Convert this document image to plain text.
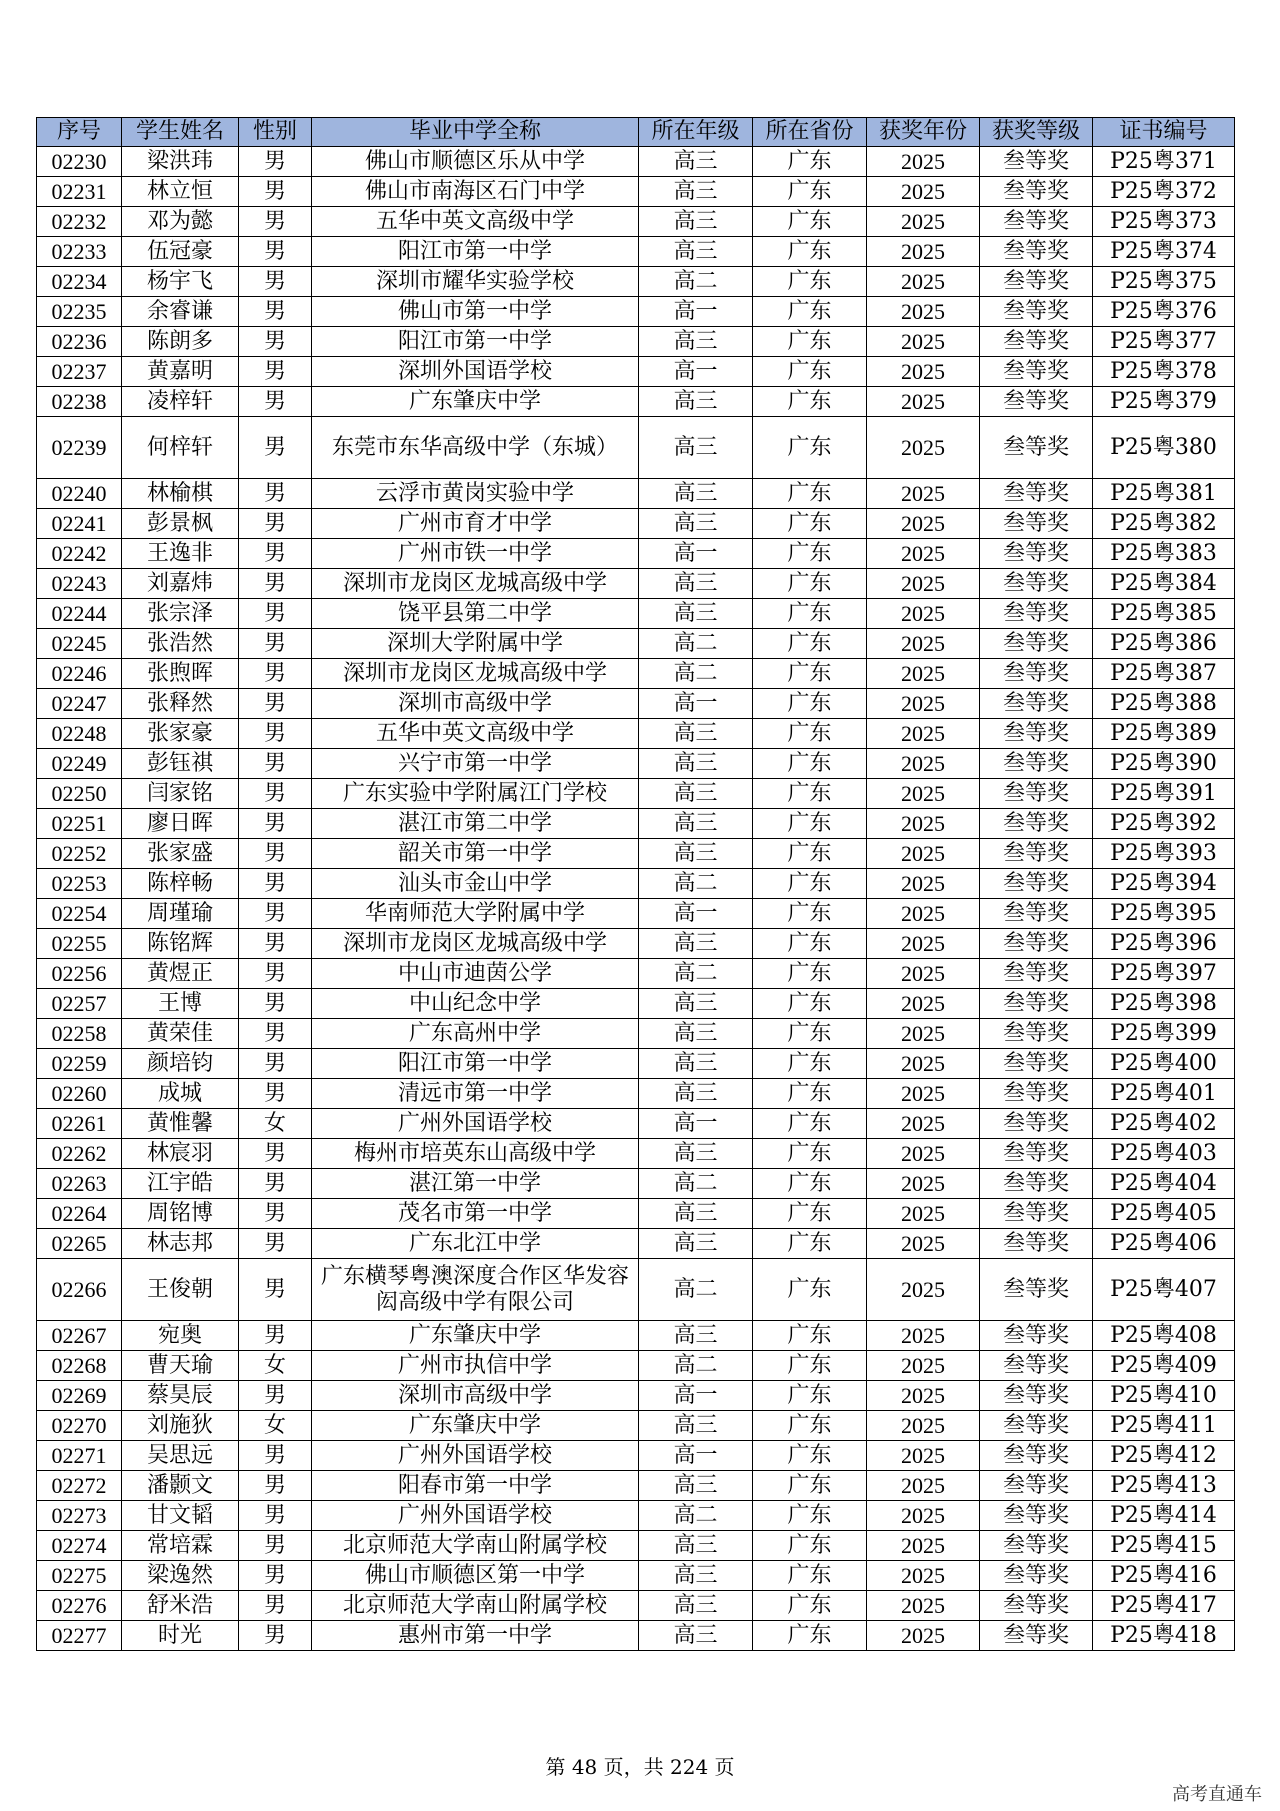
序号	学生姓名	性别	毕业中学全称	所在年级	所在省份	获奖年份	获奖等级	证书编号
02230	梁洪玮	男	佛山市顺德区乐从中学	高三	广东	2025	叁等奖	P25粤371
02231	林立恒	男	佛山市南海区石门中学	高三	广东	2025	叁等奖	P25粤372
02232	邓为懿	男	五华中英文高级中学	高三	广东	2025	叁等奖	P25粤373
02233	伍冠豪	男	阳江市第一中学	高三	广东	2025	叁等奖	P25粤374
02234	杨宇飞	男	深圳市耀华实验学校	高二	广东	2025	叁等奖	P25粤375
02235	余睿谦	男	佛山市第一中学	高一	广东	2025	叁等奖	P25粤376
02236	陈朗多	男	阳江市第一中学	高三	广东	2025	叁等奖	P25粤377
02237	黄嘉明	男	深圳外国语学校	高一	广东	2025	叁等奖	P25粤378
02238	凌梓轩	男	广东肇庆中学	高三	广东	2025	叁等奖	P25粤379
02239	何梓轩	男	东莞市东华高级中学（东城）	高三	广东	2025	叁等奖	P25粤380
02240	林榆棋	男	云浮市黄岗实验中学	高三	广东	2025	叁等奖	P25粤381
02241	彭景枫	男	广州市育才中学	高三	广东	2025	叁等奖	P25粤382
02242	王逸非	男	广州市铁一中学	高一	广东	2025	叁等奖	P25粤383
02243	刘嘉炜	男	深圳市龙岗区龙城高级中学	高三	广东	2025	叁等奖	P25粤384
02244	张宗泽	男	饶平县第二中学	高三	广东	2025	叁等奖	P25粤385
02245	张浩然	男	深圳大学附属中学	高二	广东	2025	叁等奖	P25粤386
02246	张煦晖	男	深圳市龙岗区龙城高级中学	高二	广东	2025	叁等奖	P25粤387
02247	张释然	男	深圳市高级中学	高一	广东	2025	叁等奖	P25粤388
02248	张家豪	男	五华中英文高级中学	高三	广东	2025	叁等奖	P25粤389
02249	彭钰祺	男	兴宁市第一中学	高三	广东	2025	叁等奖	P25粤390
02250	闫家铭	男	广东实验中学附属江门学校	高三	广东	2025	叁等奖	P25粤391
02251	廖日晖	男	湛江市第二中学	高三	广东	2025	叁等奖	P25粤392
02252	张家盛	男	韶关市第一中学	高三	广东	2025	叁等奖	P25粤393
02253	陈梓畅	男	汕头市金山中学	高二	广东	2025	叁等奖	P25粤394
02254	周瑾瑜	男	华南师范大学附属中学	高一	广东	2025	叁等奖	P25粤395
02255	陈铭辉	男	深圳市龙岗区龙城高级中学	高三	广东	2025	叁等奖	P25粤396
02256	黄煜正	男	中山市迪茵公学	高二	广东	2025	叁等奖	P25粤397
02257	王博	男	中山纪念中学	高三	广东	2025	叁等奖	P25粤398
02258	黄荣佳	男	广东高州中学	高三	广东	2025	叁等奖	P25粤399
02259	颜培钧	男	阳江市第一中学	高三	广东	2025	叁等奖	P25粤400
02260	成城	男	清远市第一中学	高三	广东	2025	叁等奖	P25粤401
02261	黄惟馨	女	广州外国语学校	高一	广东	2025	叁等奖	P25粤402
02262	林宸羽	男	梅州市培英东山高级中学	高三	广东	2025	叁等奖	P25粤403
02263	江宇皓	男	湛江第一中学	高二	广东	2025	叁等奖	P25粤404
02264	周铭博	男	茂名市第一中学	高三	广东	2025	叁等奖	P25粤405
02265	林志邦	男	广东北江中学	高三	广东	2025	叁等奖	P25粤406
02266	王俊朝	男	广东横琴粤澳深度合作区华发容闳高级中学有限公司	高二	广东	2025	叁等奖	P25粤407
02267	宛奥	男	广东肇庆中学	高三	广东	2025	叁等奖	P25粤408
02268	曹天瑜	女	广州市执信中学	高二	广东	2025	叁等奖	P25粤409
02269	蔡昊辰	男	深圳市高级中学	高一	广东	2025	叁等奖	P25粤410
02270	刘施狄	女	广东肇庆中学	高三	广东	2025	叁等奖	P25粤411
02271	吴思远	男	广州外国语学校	高一	广东	2025	叁等奖	P25粤412
02272	潘颢文	男	阳春市第一中学	高三	广东	2025	叁等奖	P25粤413
02273	甘文韬	男	广州外国语学校	高二	广东	2025	叁等奖	P25粤414
02274	常培霖	男	北京师范大学南山附属学校	高三	广东	2025	叁等奖	P25粤415
02275	梁逸然	男	佛山市顺德区第一中学	高三	广东	2025	叁等奖	P25粤416
02276	舒米浩	男	北京师范大学南山附属学校	高三	广东	2025	叁等奖	P25粤417
02277	时光	男	惠州市第一中学	高三	广东	2025	叁等奖	P25粤418
第 48 页，共 224 页
高考直通车
